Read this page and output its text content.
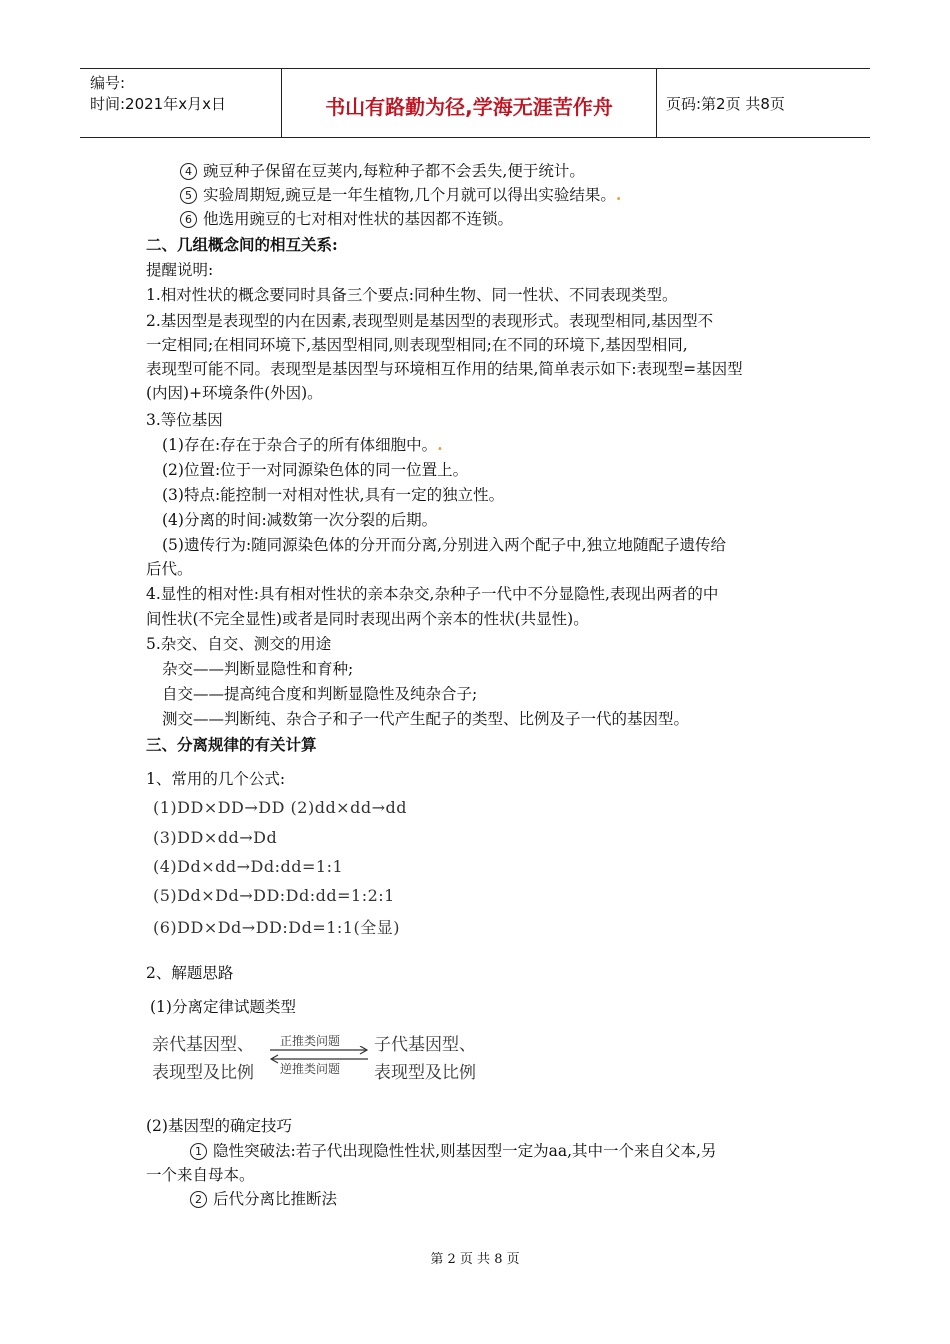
编号:
时间:2021年x月x日	书山有路勤为径,学海无涯苦作舟	页码:第2页 共8页
4 豌豆种子保留在豆荚内,每粒种子都不会丢失,便于统计。
5 实验周期短,豌豆是一年生植物,几个月就可以得出实验结果。.
6 他选用豌豆的七对相对性状的基因都不连锁。
二、几组概念间的相互关系:
提醒说明:
1.相对性状的概念要同时具备三个要点:同种生物、同一性状、不同表现类型。
2.基因型是表现型的内在因素,表现型则是基因型的表现形式。表现型相同,基因型不
一定相同;在相同环境下,基因型相同,则表现型相同;在不同的环境下,基因型相同,
表现型可能不同。表现型是基因型与环境相互作用的结果,简单表示如下:表现型=基因型
(内因)+环境条件(外因)。
3.等位基因
(1)存在:存在于杂合子的所有体细胞中。.
(2)位置:位于一对同源染色体的同一位置上。
(3)特点:能控制一对相对性状,具有一定的独立性。
(4)分离的时间:减数第一次分裂的后期。
(5)遗传行为:随同源染色体的分开而分离,分别进入两个配子中,独立地随配子遗传给
后代。
4.显性的相对性:具有相对性状的亲本杂交,杂种子一代中不分显隐性,表现出两者的中
间性状(不完全显性)或者是同时表现出两个亲本的性状(共显性)。
5.杂交、自交、测交的用途
杂交——判断显隐性和育种;
自交——提高纯合度和判断显隐性及纯杂合子;
测交——判断纯、杂合子和子一代产生配子的类型、比例及子一代的基因型。
三、分离规律的有关计算
1、常用的几个公式:
(1)DD×DD→DD (2)dd×dd→dd
(3)DD×dd→Dd
(4)Dd×dd→Dd:dd=1:1
(5)Dd×Dd→DD:Dd:dd=1:2:1
(6)DD×Dd→DD:Dd=1:1(全显)
2、解题思路
(1)分离定律试题类型
亲代基因型、
表现型及比例
正推类问题
逆推类问题
子代基因型、
表现型及比例
(2)基因型的确定技巧
1 隐性突破法:若子代出现隐性性状,则基因型一定为aa,其中一个来自父本,另
一个来自母本。
2 后代分离比推断法
第 2 页 共 8 页
